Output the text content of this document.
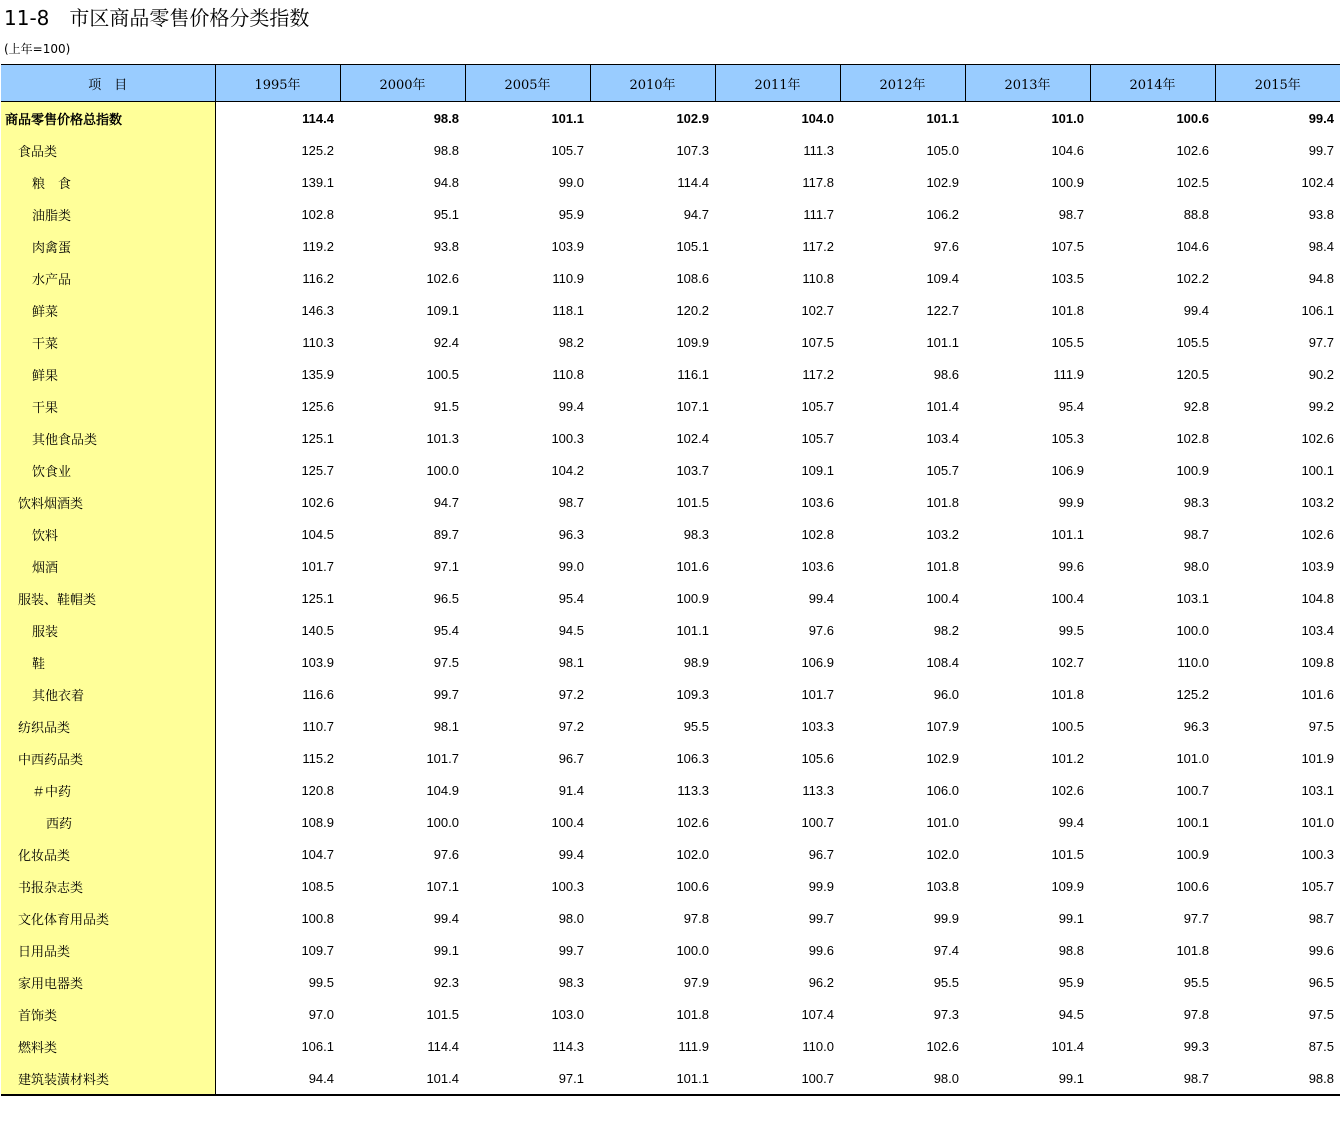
11-8　市区商品零售价格分类指数
(上年=100)
项　目	1995年	2000年	2005年	2010年	2011年	2012年	2013年	2014年	2015年
商品零售价格总指数	114.4	98.8	101.1	102.9	104.0	101.1	101.0	100.6	99.4
食品类	125.2	98.8	105.7	107.3	111.3	105.0	104.6	102.6	99.7
粮　食	139.1	94.8	99.0	114.4	117.8	102.9	100.9	102.5	102.4
油脂类	102.8	95.1	95.9	94.7	111.7	106.2	98.7	88.8	93.8
肉禽蛋	119.2	93.8	103.9	105.1	117.2	97.6	107.5	104.6	98.4
水产品	116.2	102.6	110.9	108.6	110.8	109.4	103.5	102.2	94.8
鲜菜	146.3	109.1	118.1	120.2	102.7	122.7	101.8	99.4	106.1
干菜	110.3	92.4	98.2	109.9	107.5	101.1	105.5	105.5	97.7
鲜果	135.9	100.5	110.8	116.1	117.2	98.6	111.9	120.5	90.2
干果	125.6	91.5	99.4	107.1	105.7	101.4	95.4	92.8	99.2
其他食品类	125.1	101.3	100.3	102.4	105.7	103.4	105.3	102.8	102.6
饮食业	125.7	100.0	104.2	103.7	109.1	105.7	106.9	100.9	100.1
饮料烟酒类	102.6	94.7	98.7	101.5	103.6	101.8	99.9	98.3	103.2
饮料	104.5	89.7	96.3	98.3	102.8	103.2	101.1	98.7	102.6
烟酒	101.7	97.1	99.0	101.6	103.6	101.8	99.6	98.0	103.9
服装、鞋帽类	125.1	96.5	95.4	100.9	99.4	100.4	100.4	103.1	104.8
服装	140.5	95.4	94.5	101.1	97.6	98.2	99.5	100.0	103.4
鞋	103.9	97.5	98.1	98.9	106.9	108.4	102.7	110.0	109.8
其他衣着	116.6	99.7	97.2	109.3	101.7	96.0	101.8	125.2	101.6
纺织品类	110.7	98.1	97.2	95.5	103.3	107.9	100.5	96.3	97.5
中西药品类	115.2	101.7	96.7	106.3	105.6	102.9	101.2	101.0	101.9
＃中药	120.8	104.9	91.4	113.3	113.3	106.0	102.6	100.7	103.1
西药	108.9	100.0	100.4	102.6	100.7	101.0	99.4	100.1	101.0
化妆品类	104.7	97.6	99.4	102.0	96.7	102.0	101.5	100.9	100.3
书报杂志类	108.5	107.1	100.3	100.6	99.9	103.8	109.9	100.6	105.7
文化体育用品类	100.8	99.4	98.0	97.8	99.7	99.9	99.1	97.7	98.7
日用品类	109.7	99.1	99.7	100.0	99.6	97.4	98.8	101.8	99.6
家用电器类	99.5	92.3	98.3	97.9	96.2	95.5	95.9	95.5	96.5
首饰类	97.0	101.5	103.0	101.8	107.4	97.3	94.5	97.8	97.5
燃料类	106.1	114.4	114.3	111.9	110.0	102.6	101.4	99.3	87.5
建筑装潢材料类	94.4	101.4	97.1	101.1	100.7	98.0	99.1	98.7	98.8
